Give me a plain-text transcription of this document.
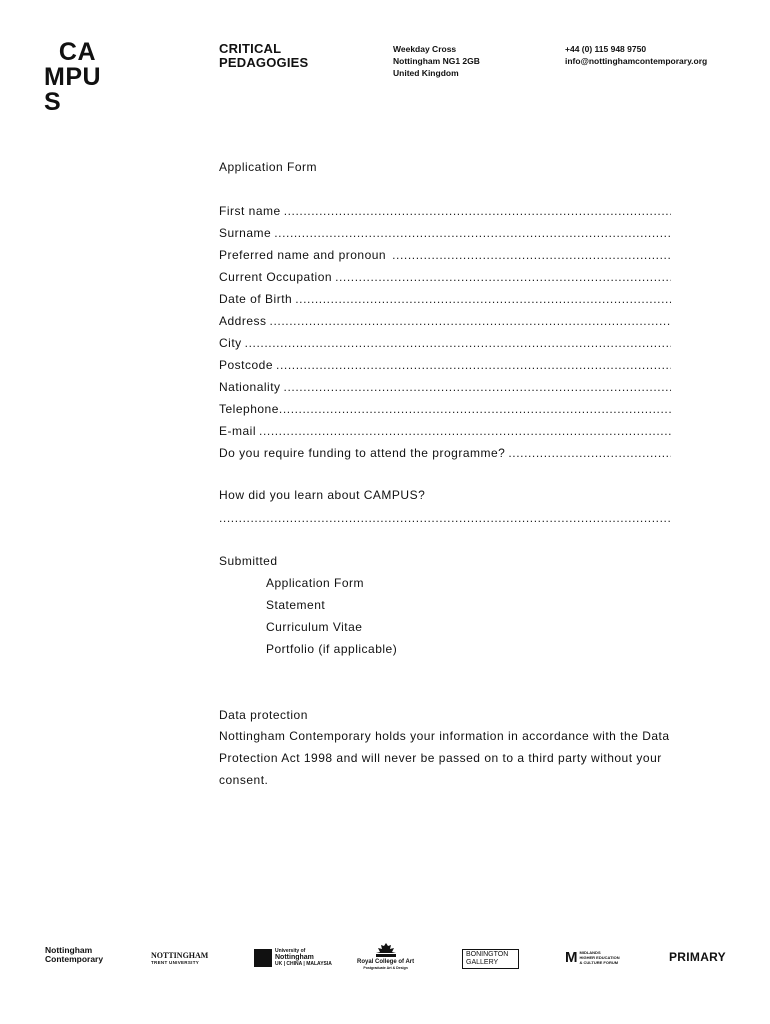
CA
MPU
S
CRITICAL
PEDAGOGIES
Weekday Cross
Nottingham NG1 2GB
United Kingdom
+44 (0) 115 948 9750
info@nottinghamcontemporary.org
Application Form
First name
.....
Surname
.....
Preferred name and pronoun
.....
Current Occupation
.....
Date of Birth
.....
Address
.....
City
.....
Postcode
.....
Nationality
.....
Telephone
.....
E-mail
.....
Do you require funding to attend the programme?
.....
How did you learn about CAMPUS?
.....
Submitted
Application Form
Statement
Curriculum Vitae
Portfolio (if applicable)
Data protection
Nottingham Contemporary holds your information in accordance with the Data Protection Act 1998 and will never be passed on to a third party without your consent.
Nottingham
Contemporary	NOTTINGHAM
TRENT UNIVERSITY
University of
Nottingham
UK | CHINA | MALAYSIA	Royal College of Art
Postgraduate Art & Design
BONINGTON
GALLERY	M MIDLANDS
HIGHER EDUCATION
& CULTURE FORUM	PRIMARY
